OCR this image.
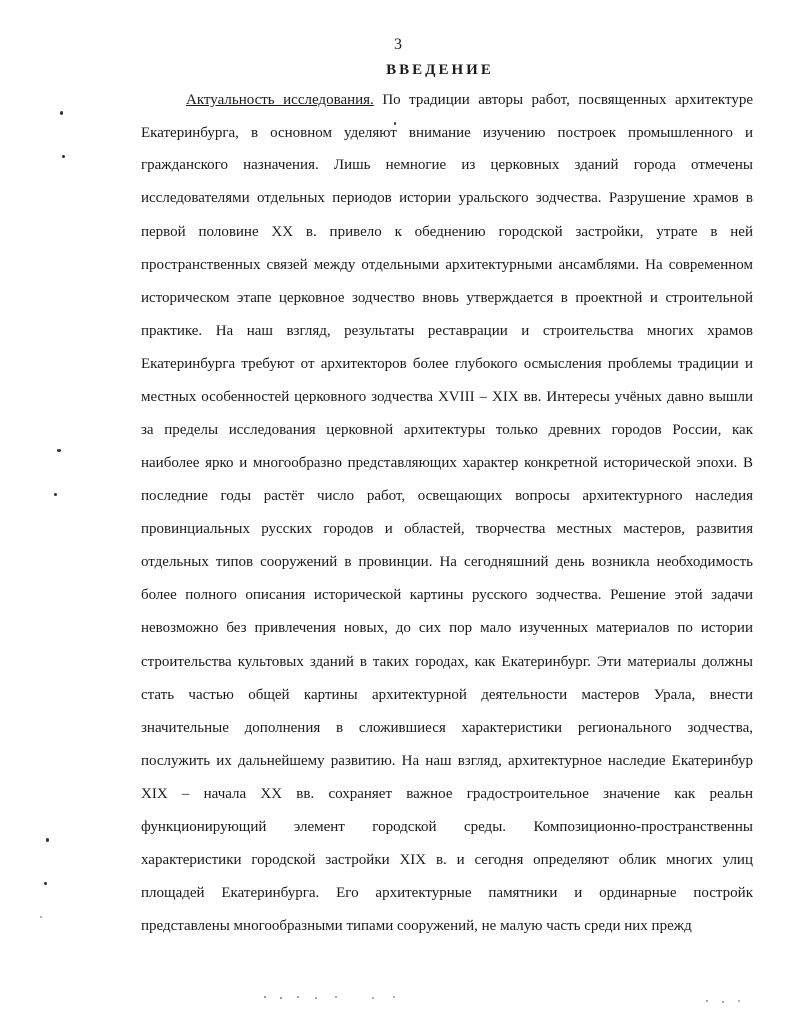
3
ВВЕДЕНИЕ
Актуальность исследования. По традиции авторы работ, посвященных архитектуре
Екатеринбурга, в основном уделяют внимание изучению построек промышленного и
гражданского назначения. Лишь немногие из церковных зданий города отмечены
исследователями отдельных периодов истории уральского зодчества. Разрушение храмов в
первой половине XX в. привело к обеднению городской застройки, утрате в ней
пространственных связей между отдельными архитектурными ансамблями. На современном
историческом этапе церковное зодчество вновь утверждается в проектной и строительной
практике. На наш взгляд, результаты реставрации и строительства многих храмов
Екатеринбурга требуют от архитекторов более глубокого осмысления проблемы традиции и
местных особенностей церковного зодчества XVIII – XIX вв. Интересы учёных давно вышли
за пределы исследования церковной архитектуры только древних городов России, как
наиболее ярко и многообразно представляющих характер конкретной исторической эпохи. В
последние годы растёт число работ, освещающих вопросы архитектурного наследия
провинциальных русских городов и областей, творчества местных мастеров, развития
отдельных типов сооружений в провинции. На сегодняшний день возникла необходимость
более полного описания исторической картины русского зодчества. Решение этой задачи
невозможно без привлечения новых, до сих пор мало изученных материалов по истории
строительства культовых зданий в таких городах, как Екатеринбург. Эти материалы должны
стать частью общей картины архитектурной деятельности мастеров Урала, внести
значительные дополнения в сложившиеся характеристики регионального зодчества,
послужить их дальнейшему развитию. На наш взгляд, архитектурное наследие Екатеринбур
XIX – начала XX вв. сохраняет важное градостроительное значение как реальн
функционирующий элемент городской среды. Композиционно-пространственны
характеристики городской застройки XIX в. и сегодня определяют облик многих улиц
площадей Екатеринбурга. Его архитектурные памятники и ординарные постройк
представлены многообразными типами сооружений, не малую часть среди них прежд
